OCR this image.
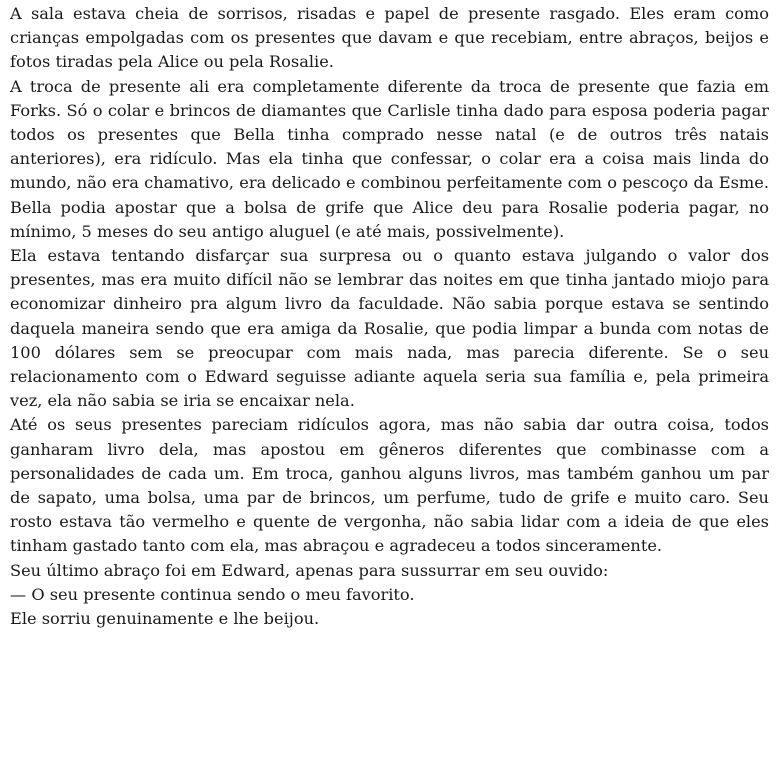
A sala estava cheia de sorrisos, risadas e papel de presente rasgado. Eles eram como crianças empolgadas com os presentes que davam e que recebiam, entre abraços, beijos e fotos tiradas pela Alice ou pela Rosalie.

A troca de presente ali era completamente diferente da troca de presente que fazia em Forks. Só o colar e brincos de diamantes que Carlisle tinha dado para esposa poderia pagar todos os presentes que Bella tinha comprado nesse natal (e de outros três natais anteriores), era ridículo. Mas ela tinha que confessar, o colar era a coisa mais linda do mundo, não era chamativo, era delicado e combinou perfeitamente com o pescoço da Esme. Bella podia apostar que a bolsa de grife que Alice deu para Rosalie poderia pagar, no mínimo, 5 meses do seu antigo aluguel (e até mais, possivelmente).

Ela estava tentando disfarçar sua surpresa ou o quanto estava julgando o valor dos presentes, mas era muito difícil não se lembrar das noites em que tinha jantado miojo para economizar dinheiro pra algum livro da faculdade. Não sabia porque estava se sentindo daquela maneira sendo que era amiga da Rosalie, que podia limpar a bunda com notas de 100 dólares sem se preocupar com mais nada, mas parecia diferente. Se o seu relacionamento com o Edward seguisse adiante aquela seria sua família e, pela primeira vez, ela não sabia se iria se encaixar nela.

Até os seus presentes pareciam ridículos agora, mas não sabia dar outra coisa, todos ganharam livro dela, mas apostou em gêneros diferentes que combinasse com a personalidades de cada um. Em troca, ganhou alguns livros, mas também ganhou um par de sapato, uma bolsa, uma par de brincos, um perfume, tudo de grife e muito caro. Seu rosto estava tão vermelho e quente de vergonha, não sabia lidar com a ideia de que eles tinham gastado tanto com ela, mas abraçou e agradeceu a todos sinceramente.

Seu último abraço foi em Edward, apenas para sussurrar em seu ouvido:

— O seu presente continua sendo o meu favorito.

Ele sorriu genuinamente e lhe beijou.
